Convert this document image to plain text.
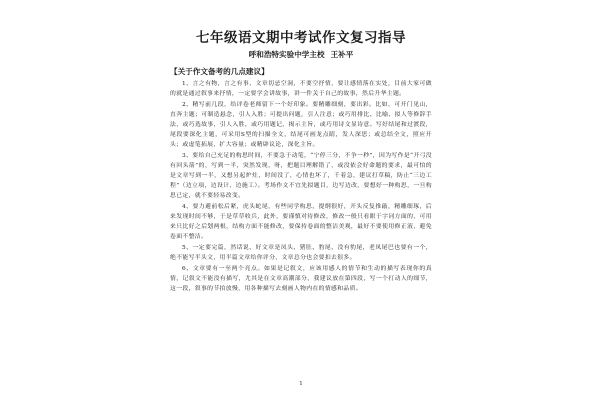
七年级语文期中考试作文复习指导
呼和浩特实验中学主校 王补平
【关于作文备考的几点建议】

1、言之有物，言之有事，文章切忌空洞，不要空抒情，要让感情落在实处，目前大家可做的就是通过叙事来抒情，一定要学会讲故事，讲一件关于自己的故事，然后升华主题。

2、精写前几段，给评卷老师留下一个好印象。要精雕细刻，要出彩。比如，可开门见山，直奔主题；可制造悬念，引人入胜；可提出问题，引人注意；或巧用排比、比喻、拟人等修辞手法，或巧选故事，引人入胜，或巧用题记，揭示主旨，或巧用诗文显诗意。写好结尾和过渡段，尾段要深化主题，可采用S型的扫描全文，结尾可画龙点睛，发人深思；或总结全文，照应开头；或虚笔拓展，扩大容量；或精辟议论，深化主旨。

3、要给自己充足的构思时间，不要急于动笔，“宁停三分，不争一秒”，因为写作是“开弓没有回头箭”的，写到一半，突然发现，呀，把题目理解错了，或没依会好命题的要求，最可怕的是文章写到一半，又想另起炉灶，时间没了，心情也坏了，千着急，建议打草稿，防止“三边工程”（边立项，边设计，边施工）。考场作文不宜先拟题目，边写边改，要想好一种构思，一旦构思已定，就不要轻易改变。

4、要力避前松后紧，虎头蛇尾，有些同学构思，提纲很好，开头反复推敲，精雕细琢，后来发现时间不够，于是草草收兵，此外，要谨慎对待修改，修改一般只看眼于字词方面的，可用来只比好之后划两根，结构方面不能修改，要保持卷面的整洁美观，最好不要使用修正液，避免卷面不整洁。

5、一定要完篇，然话说，好文章是凤头、猪肚、豹尾，没有豹尾，老凤尾巴也要有一个，绝不能写半头文，用半篇文章给你评分，文章总分也会要扣去很多。

6、文章要有一至两个亮点。如果是记叙文，应该用感人的情节和生动的描写表现你的真情，记叙文不能没有描写，尤其是在文章高潮部分，我建议放在第四段，写一个打动人的细节，这一段，叙事的节拍放慢，用各种描写去刻画人物内在的情感和品质。

1
